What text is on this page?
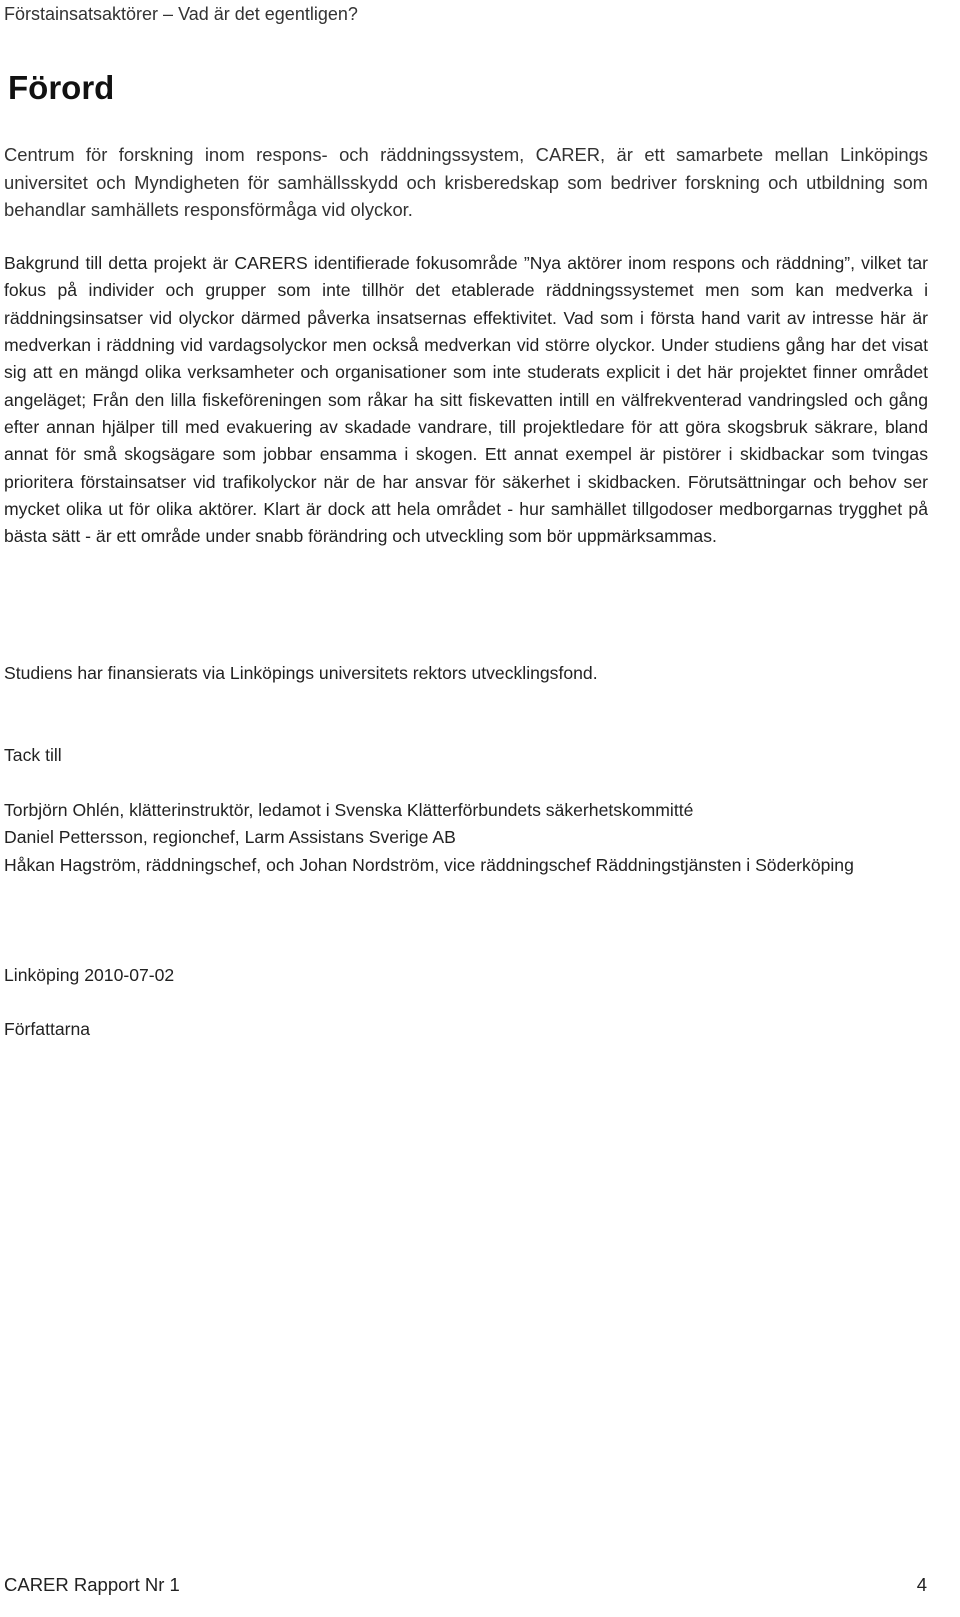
Förstainsatsaktörer – Vad är det egentligen?
Förord

Centrum för forskning inom respons- och räddningssystem, CARER, är ett samarbete mellan Linköpings universitet och Myndigheten för samhällsskydd och krisberedskap som bedriver forskning och utbildning som behandlar samhällets responsförmåga vid olyckor.

Bakgrund till detta projekt är CARERS identifierade fokusområde ”Nya aktörer inom respons och räddning”, vilket tar fokus på individer och grupper som inte tillhör det etablerade räddningssystemet men som kan medverka i räddningsinsatser vid olyckor därmed påverka insatsernas effektivitet. Vad som i första hand varit av intresse här är medverkan i räddning vid vardagsolyckor men också medverkan vid större olyckor. Under studiens gång har det visat sig att en mängd olika verksamheter och organisationer som inte studerats explicit i det här projektet finner området angeläget; Från den lilla fiskeföreningen som råkar ha sitt fiskevatten intill en välfrekventerad vandringsled och gång efter annan hjälper till med evakuering av skadade vandrare, till projektledare för att göra skogsbruk säkrare, bland annat för små skogsägare som jobbar ensamma i skogen. Ett annat exempel är pistörer i skidbackar som tvingas prioritera förstainsatser vid trafikolyckor när de har ansvar för säkerhet i skidbacken. Förutsättningar och behov ser mycket olika ut för olika aktörer. Klart är dock att hela området - hur samhället tillgodoser medborgarnas trygghet på bästa sätt - är ett område under snabb förändring och utveckling som bör uppmärksammas.

Studiens har finansierats via Linköpings universitets rektors utvecklingsfond.

Tack till

Torbjörn Ohlén, klätterinstruktör, ledamot i Svenska Klätterförbundets säkerhetskommitté
Daniel Pettersson, regionchef, Larm Assistans Sverige AB
Håkan Hagström, räddningschef, och Johan Nordström, vice räddningschef Räddningstjänsten i Söderköping

Linköping 2010-07-02

Författarna

CARER Rapport Nr 1	4
